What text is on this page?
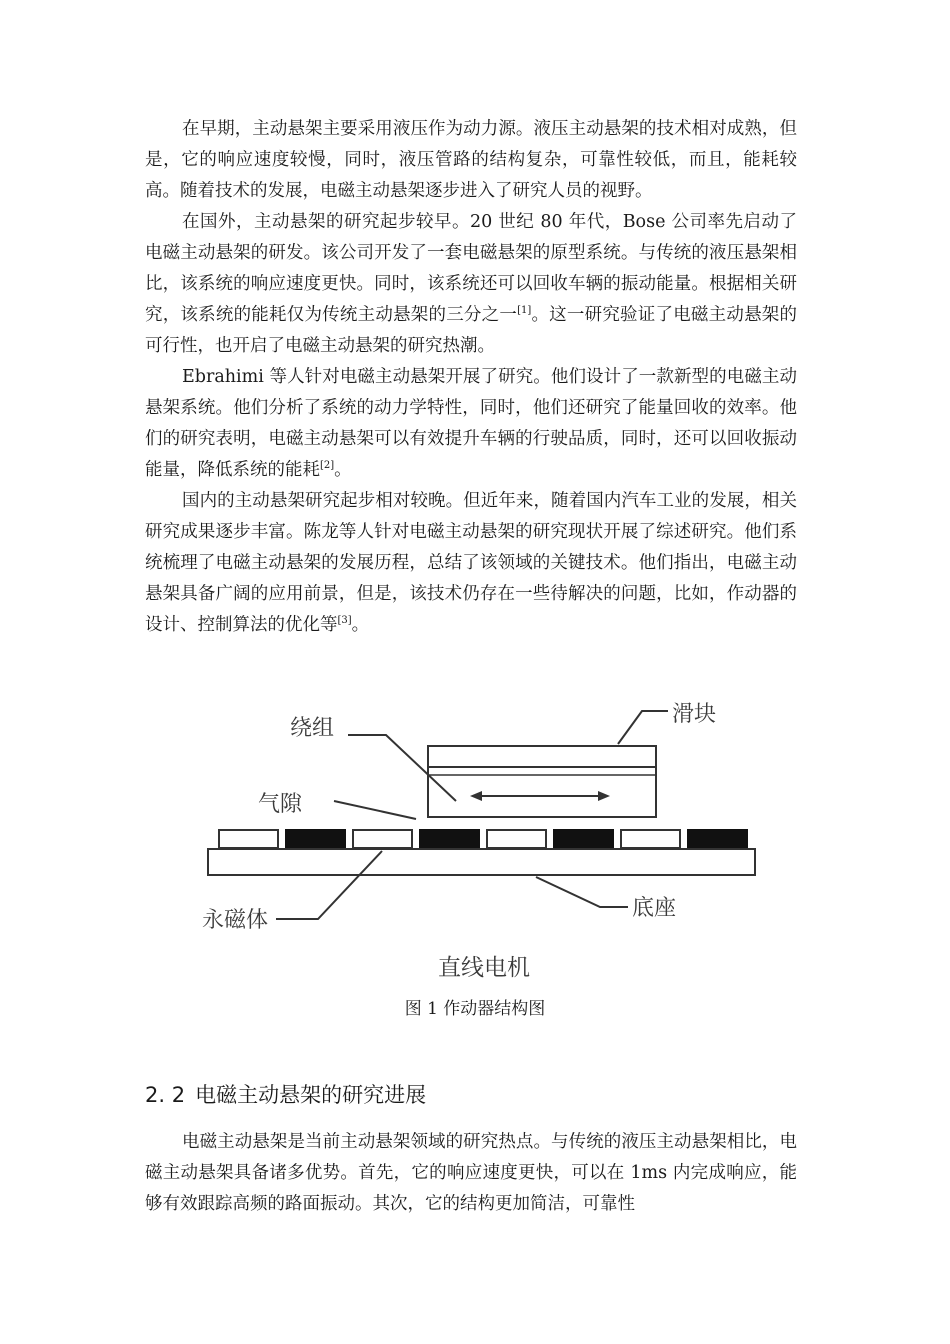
在早期，主动悬架主要采用液压作为动力源。液压主动悬架的技术相对成熟，但是，它的响应速度较慢，同时，液压管路的结构复杂，可靠性较低，而且，能耗较高。随着技术的发展，电磁主动悬架逐步进入了研究人员的视野。

在国外，主动悬架的研究起步较早。20 世纪 80 年代，Bose 公司率先启动了电磁主动悬架的研发。该公司开发了一套电磁悬架的原型系统。与传统的液压悬架相比，该系统的响应速度更快。同时，该系统还可以回收车辆的振动能量。根据相关研究，该系统的能耗仅为传统主动悬架的三分之一[1]。这一研究验证了电磁主动悬架的可行性，也开启了电磁主动悬架的研究热潮。

Ebrahimi 等人针对电磁主动悬架开展了研究。他们设计了一款新型的电磁主动悬架系统。他们分析了系统的动力学特性，同时，他们还研究了能量回收的效率。他们的研究表明，电磁主动悬架可以有效提升车辆的行驶品质，同时，还可以回收振动能量，降低系统的能耗[2]。

国内的主动悬架研究起步相对较晚。但近年来，随着国内汽车工业的发展，相关研究成果逐步丰富。陈龙等人针对电磁主动悬架的研究现状开展了综述研究。他们系统梳理了电磁主动悬架的发展历程，总结了该领域的关键技术。他们指出，电磁主动悬架具备广阔的应用前景，但是，该技术仍存在一些待解决的问题，比如，作动器的设计、控制算法的优化等[3]。

绕组
滑块
气隙
永磁体	底座
直线电机
图 1 作动器结构图
2. 2 电磁主动悬架的研究进展

电磁主动悬架是当前主动悬架领域的研究热点。与传统的液压主动悬架相比，电磁主动悬架具备诸多优势。首先，它的响应速度更快，可以在 1ms 内完成响应，能够有效跟踪高频的路面振动。其次，它的结构更加简洁，可靠性
